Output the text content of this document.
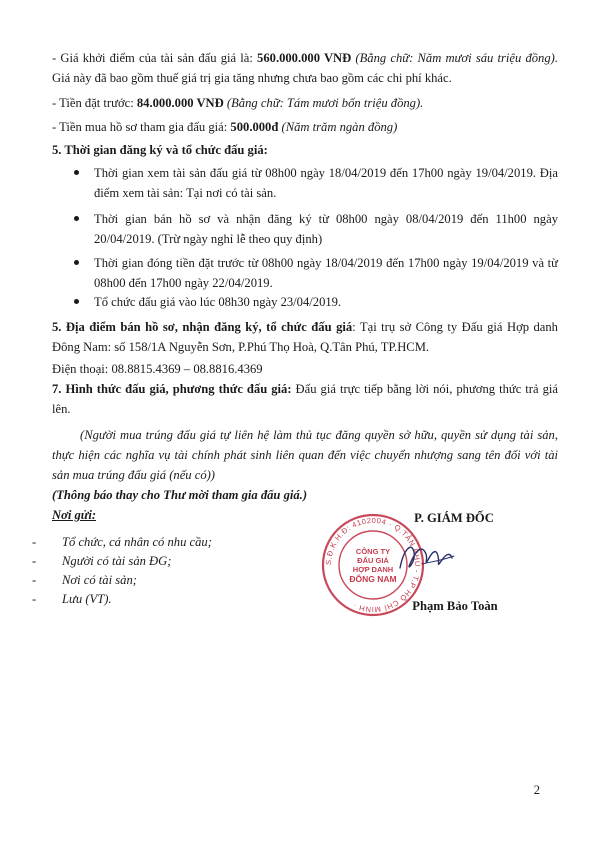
- Giá khởi điểm của tài sản đấu giá là: 560.000.000 VNĐ (Bằng chữ: Năm mươi sáu triệu đồng). Giá này đã bao gồm thuế giá trị gia tăng nhưng chưa bao gồm các chi phí khác.
- Tiền đặt trước: 84.000.000 VNĐ (Bằng chữ: Tám mươi bốn triệu đồng).
- Tiền mua hồ sơ tham gia đấu giá: 500.000đ (Năm trăm ngàn đồng)
5. Thời gian đăng ký và tổ chức đấu giá:
Thời gian xem tài sản đấu giá từ 08h00 ngày 18/04/2019 đến 17h00 ngày 19/04/2019. Địa điểm xem tài sản: Tại nơi có tài sản.
Thời gian bán hồ sơ và nhận đăng ký từ 08h00 ngày 08/04/2019 đến 11h00 ngày 20/04/2019. (Trừ ngày nghỉ lễ theo quy định)
Thời gian đóng tiền đặt trước từ 08h00 ngày 18/04/2019 đến 17h00 ngày 19/04/2019 và từ 08h00 đến 17h00 ngày 22/04/2019.
Tổ chức đấu giá vào lúc 08h30 ngày 23/04/2019.
5. Địa điểm bán hồ sơ, nhận đăng ký, tổ chức đấu giá: Tại trụ sở Công ty Đấu giá Hợp danh Đông Nam: số 158/1A Nguyễn Sơn, P.Phú Thọ Hoà, Q.Tân Phú, TP.HCM.
Điện thoại: 08.8815.4369 – 08.8816.4369
7. Hình thức đấu giá, phương thức đấu giá: Đấu giá trực tiếp bằng lời nói, phương thức trả giá lên.
(Người mua trúng đấu giá tự liên hệ làm thủ tục đăng quyền sở hữu, quyền sử dụng tài sản, thực hiện các nghĩa vụ tài chính phát sinh liên quan đến việc chuyển nhượng sang tên đối với tài sản mua trúng đấu giá (nếu có))
(Thông báo thay cho Thư mời tham gia đấu giá.)
Nơi gửi:
- Tổ chức, cá nhân có nhu cầu;
- Người có tài sản ĐG;
- Nơi có tài sản;
- Lưu (VT).
P. GIÁM ĐỐC
S.Đ.K.H.Đ: 4102004 · Q.TÂN PHÚ - T.P HỒ CHÍ MINH ·
CÔNG TY
ĐẤU GIÁ
HỢP DANH
ĐÔNG NAM
Phạm Bảo Toàn
2
